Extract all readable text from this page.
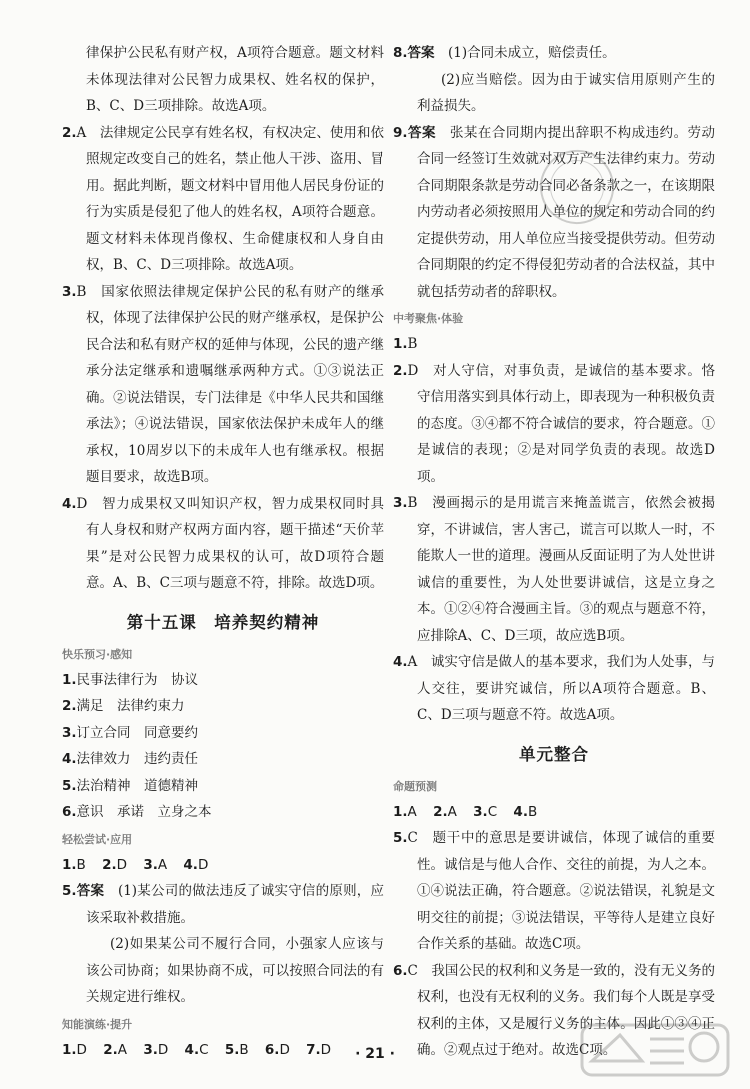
律保护公民私有财产权，A项符合题意。题文材料未体现法律对公民智力成果权、姓名权的保护，B、C、D三项排除。故选A项。

2.A　法律规定公民享有姓名权，有权决定、使用和依照规定改变自己的姓名，禁止他人干涉、盗用、冒用。据此判断，题文材料中冒用他人居民身份证的行为实质是侵犯了他人的姓名权，A项符合题意。题文材料未体现肖像权、生命健康权和人身自由权，B、C、D三项排除。故选A项。

3.B　国家依照法律规定保护公民的私有财产的继承权，体现了法律保护公民的财产继承权，是保护公民合法和私有财产权的延伸与体现，公民的遗产继承分法定继承和遗嘱继承两种方式。①③说法正确。②说法错误，专门法律是《中华人民共和国继承法》；④说法错误，国家依法保护未成年人的继承权，10周岁以下的未成年人也有继承权。根据题目要求，故选B项。

4.D　智力成果权又叫知识产权，智力成果权同时具有人身权和财产权两方面内容，题干描述“天价苹果”是对公民智力成果权的认可，故D项符合题意。A、B、C三项与题意不符，排除。故选D项。

第十五课　培养契约精神
快乐预习·感知

1.民事法律行为　协议

2.满足　法律约束力

3.订立合同　同意要约

4.法律效力　违约责任

5.法治精神　道德精神

6.意识　承诺　立身之本

轻松尝试·应用

1.B 2.D 3.A 4.D

5.答案　 (1)某公司的做法违反了诚实守信的原则，应该采取补救措施。

(2)如果某公司不履行合同，小强家人应该与该公司协商；如果协商不成，可以按照合同法的有关规定进行维权。

知能演练·提升

1.D 2.A 3.D 4.C 5.B 6.D 7.D

8.答案　 (1)合同未成立，赔偿责任。

(2)应当赔偿。因为由于诚实信用原则产生的利益损失。

9.答案　 张某在合同期内提出辞职不构成违约。劳动合同一经签订生效就对双方产生法律约束力。劳动合同期限条款是劳动合同必备条款之一，在该期限内劳动者必须按照用人单位的规定和劳动合同的约定提供劳动，用人单位应当接受提供劳动。但劳动合同期限的约定不得侵犯劳动者的合法权益，其中就包括劳动者的辞职权。

中考聚焦·体验

1.B

2.D　对人守信，对事负责，是诚信的基本要求。恪守信用落实到具体行动上，即表现为一种积极负责的态度。③④都不符合诚信的要求，符合题意。①是诚信的表现；②是对同学负责的表现。故选D项。

3.B　漫画揭示的是用谎言来掩盖谎言，依然会被揭穿，不讲诚信，害人害己，谎言可以欺人一时，不能欺人一世的道理。漫画从反面证明了为人处世讲诚信的重要性，为人处世要讲诚信，这是立身之本。①②④符合漫画主旨。③的观点与题意不符，应排除A、C、D三项，故应选B项。

4.A　诚实守信是做人的基本要求，我们为人处事，与人交往，要讲究诚信，所以A项符合题意。B、C、D三项与题意不符。故选A项。

单元整合
命题预测

1.A 2.A 3.C 4.B

5.C　题干中的意思是要讲诚信，体现了诚信的重要性。诚信是与他人合作、交往的前提，为人之本。①④说法正确，符合题意。②说法错误，礼貌是文明交往的前提；③说法错误，平等待人是建立良好合作关系的基础。故选C项。

6.C　我国公民的权利和义务是一致的，没有无义务的权利，也没有无权利的义务。我们每个人既是享受权利的主体，又是履行义务的主体。因此①③④正确。②观点过于绝对。故选C项。

· 21 ·
